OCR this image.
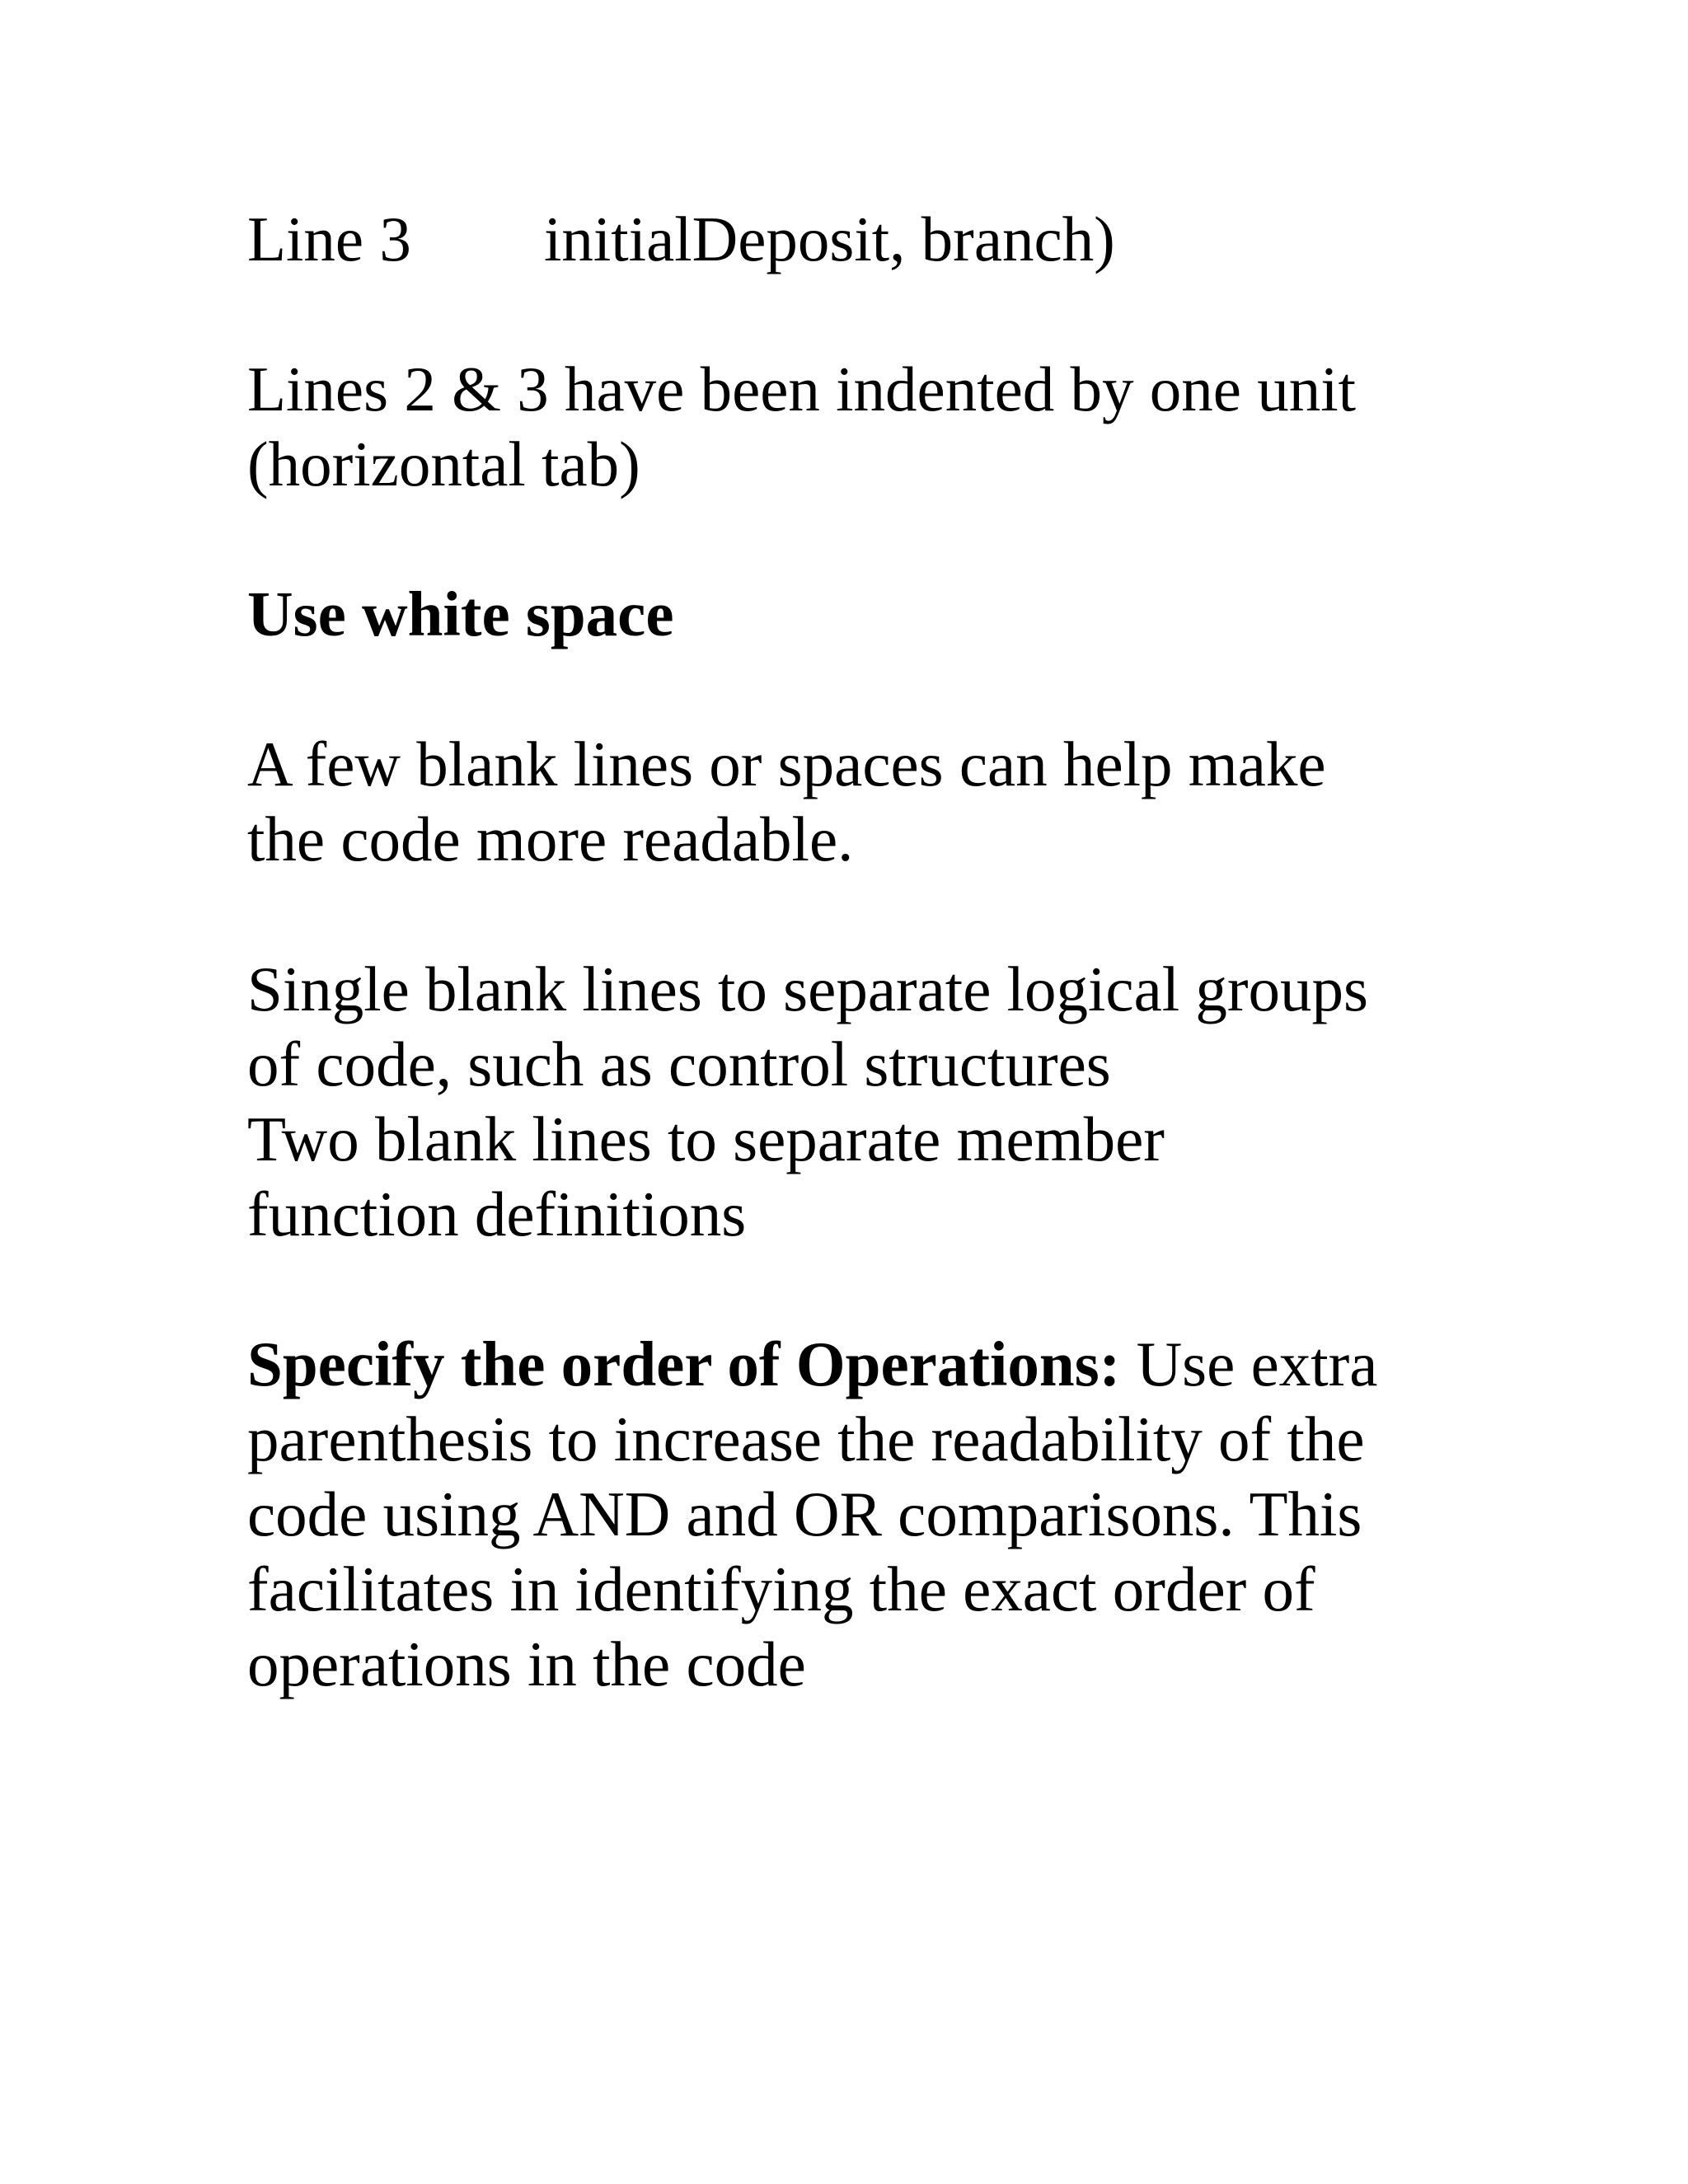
Line 3 initialDeposit, branch)
Lines 2 & 3 have been indented by one unit
(horizontal tab)
Use white space
A few blank lines or spaces can help make
the code more readable.
Single blank lines to separate logical groups
of code, such as control structures
Two blank lines to separate member
function definitions
Specify the order of Operations: Use extra
parenthesis to increase the readability of the
code using AND and OR comparisons. This
facilitates in identifying the exact order of
operations in the code
